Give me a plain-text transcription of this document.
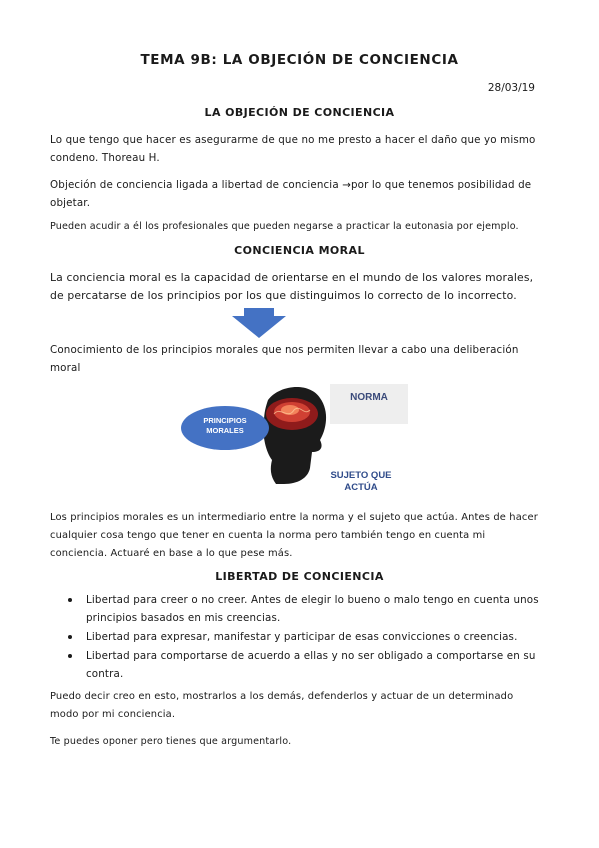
TEMA 9B: LA OBJECIÓN DE CONCIENCIA
28/03/19
LA OBJECIÓN DE CONCIENCIA
Lo que tengo que hacer es asegurarme de que no me presto a hacer el daño que yo mismo condeno. Thoreau H.
Objeción de conciencia ligada a libertad de conciencia →por lo que tenemos posibilidad de objetar.
Pueden acudir a él los profesionales que pueden negarse a practicar la eutonasia por ejemplo.
CONCIENCIA MORAL
La conciencia moral es la capacidad de orientarse en el mundo de los valores morales, de percatarse de los principios por los que distinguimos lo correcto de lo incorrecto.
Conocimiento de los principios morales que nos permiten llevar a cabo una deliberación moral
PRINCIPIOS MORALES
NORMA
SUJETO QUE ACTÚA
Los principios morales es un intermediario entre la norma y el sujeto que actúa. Antes de hacer cualquier cosa tengo que tener en cuenta la norma pero también tengo en cuenta mi conciencia. Actuaré en base a lo que pese más.
LIBERTAD DE CONCIENCIA
Libertad para creer o no creer. Antes de elegir lo bueno o malo tengo en cuenta unos principios basados en mis creencias.
Libertad para expresar, manifestar y participar de esas convicciones o creencias.
Libertad para comportarse de acuerdo a ellas y no ser obligado a comportarse en su contra.
Puedo decir creo en esto, mostrarlos a los demás, defenderlos y actuar de un determinado modo por mi conciencia.
Te puedes oponer pero tienes que argumentarlo.
